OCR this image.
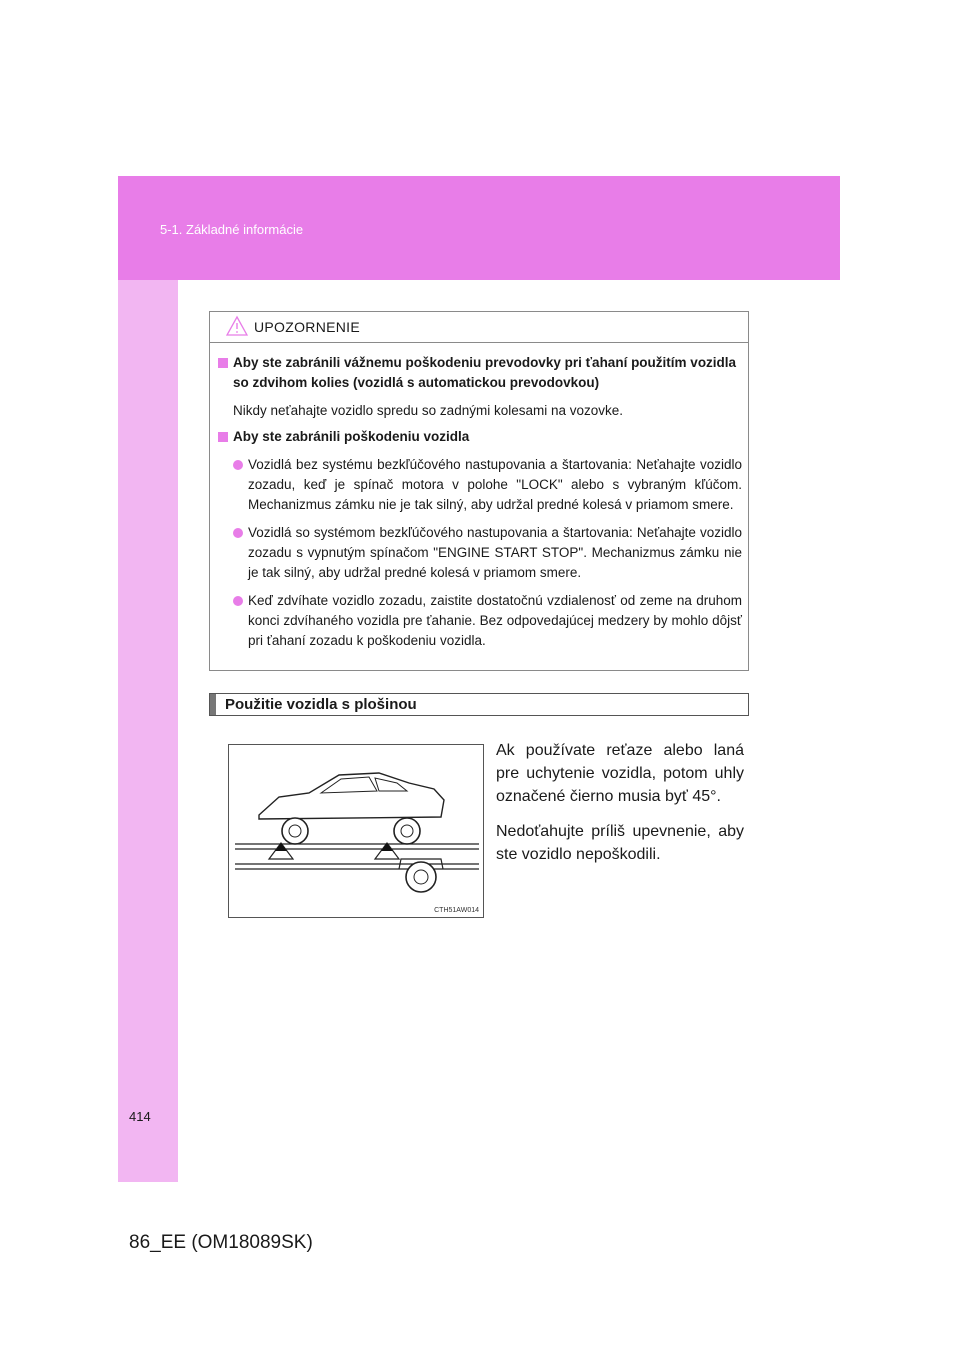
5-1. Základné informácie
UPOZORNENIE
Aby ste zabránili vážnemu poškodeniu prevodovky pri ťahaní použitím vozidla so zdvihom kolies (vozidlá s automatickou prevodovkou)
Nikdy neťahajte vozidlo spredu so zadnými kolesami na vozovke.
Aby ste zabránili poškodeniu vozidla
Vozidlá bez systému bezkľúčového nastupovania a štartovania: Neťahajte vozidlo zozadu, keď je spínač motora v polohe "LOCK" alebo s vybraným kľúčom. Mechanizmus zámku nie je tak silný, aby udržal predné kolesá v priamom smere.
Vozidlá so systémom bezkľúčového nastupovania a štartovania: Neťahajte vozidlo zozadu s vypnutým spínačom "ENGINE START STOP". Mechanizmus zámku nie je tak silný, aby udržal predné kolesá v priamom smere.
Keď zdvíhate vozidlo zozadu, zaistite dostatočnú vzdialenosť od zeme na druhom konci zdvíhaného vozidla pre ťahanie. Bez odpovedajúcej medzery by mohlo dôjsť pri ťahaní zozadu k poškodeniu vozidla.
Použitie vozidla s plošinou
CTH51AW014

Ak používate reťaze alebo laná pre uchytenie vozidla, potom uhly označené čierno musia byť 45°.

Nedoťahujte príliš upevnenie, aby ste vozidlo nepoškodili.

414
86_EE (OM18089SK)
